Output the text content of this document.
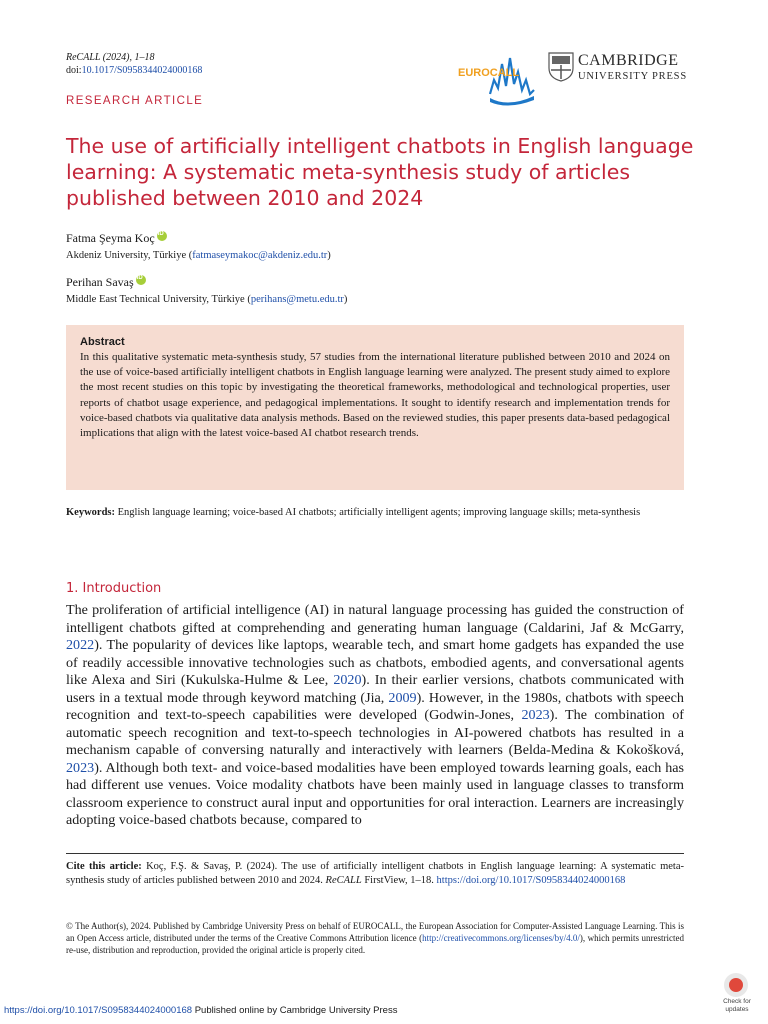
ReCALL (2024), 1–18
doi:10.1017/S0958344024000168	EUROCALL
CAMBRIDGE
UNIVERSITY PRESS
RESEARCH ARTICLE
The use of artificially intelligent chatbots in English language learning: A systematic meta-synthesis study of articles published between 2010 and 2024
Fatma Şeyma KoçiD
Akdeniz University, Türkiye (fatmaseymakoc@akdeniz.edu.tr)
Perihan SavaşiD
Middle East Technical University, Türkiye (perihans@metu.edu.tr)
Abstract
In this qualitative systematic meta-synthesis study, 57 studies from the international literature published between 2010 and 2024 on the use of voice-based artificially intelligent chatbots in English language learning were analyzed. The present study aimed to explore the most recent studies on this topic by investigating the theoretical frameworks, methodological and technological properties, user reports of chatbot usage experience, and pedagogical implementations. It sought to identify research and implementation trends for voice-based chatbots via qualitative data analysis methods. Based on the reviewed studies, this paper presents data-based pedagogical implications that align with the latest voice-based AI chatbot research trends.
Keywords: English language learning; voice-based AI chatbots; artificially intelligent agents; improving language skills; meta-synthesis
1. Introduction
The proliferation of artificial intelligence (AI) in natural language processing has guided the construction of intelligent chatbots gifted at comprehending and generating human language (Caldarini, Jaf & McGarry, 2022). The popularity of devices like laptops, wearable tech, and smart home gadgets has expanded the use of readily accessible innovative technologies such as chatbots, embodied agents, and conversational agents like Alexa and Siri (Kukulska-Hulme & Lee, 2020). In their earlier versions, chatbots communicated with users in a textual mode through keyword matching (Jia, 2009). However, in the 1980s, chatbots with speech recognition and text-to-speech capabilities were developed (Godwin-Jones, 2023). The combination of automatic speech recognition and text-to-speech technologies in AI-powered chatbots has resulted in a mechanism capable of conversing naturally and interactively with learners (Belda-Medina & Kokošková, 2023). Although both text- and voice-based modalities have been employed towards learning goals, each has had different use venues. Voice modality chatbots have been mainly used in language classes to transform classroom experience to construct aural input and opportunities for oral interaction. Learners are increasingly adopting voice-based chatbots because, compared to
Cite this article: Koç, F.Ş. & Savaş, P. (2024). The use of artificially intelligent chatbots in English language learning: A systematic meta-synthesis study of articles published between 2010 and 2024. ReCALL FirstView, 1–18. https://doi.org/10.1017/S0958344024000168
© The Author(s), 2024. Published by Cambridge University Press on behalf of EUROCALL, the European Association for Computer-Assisted Language Learning. This is an Open Access article, distributed under the terms of the Creative Commons Attribution licence (http://creativecommons.org/licenses/by/4.0/), which permits unrestricted re-use, distribution and reproduction, provided the original article is properly cited.
https://doi.org/10.1017/S0958344024000168 Published online by Cambridge University Press
Check for
updates
